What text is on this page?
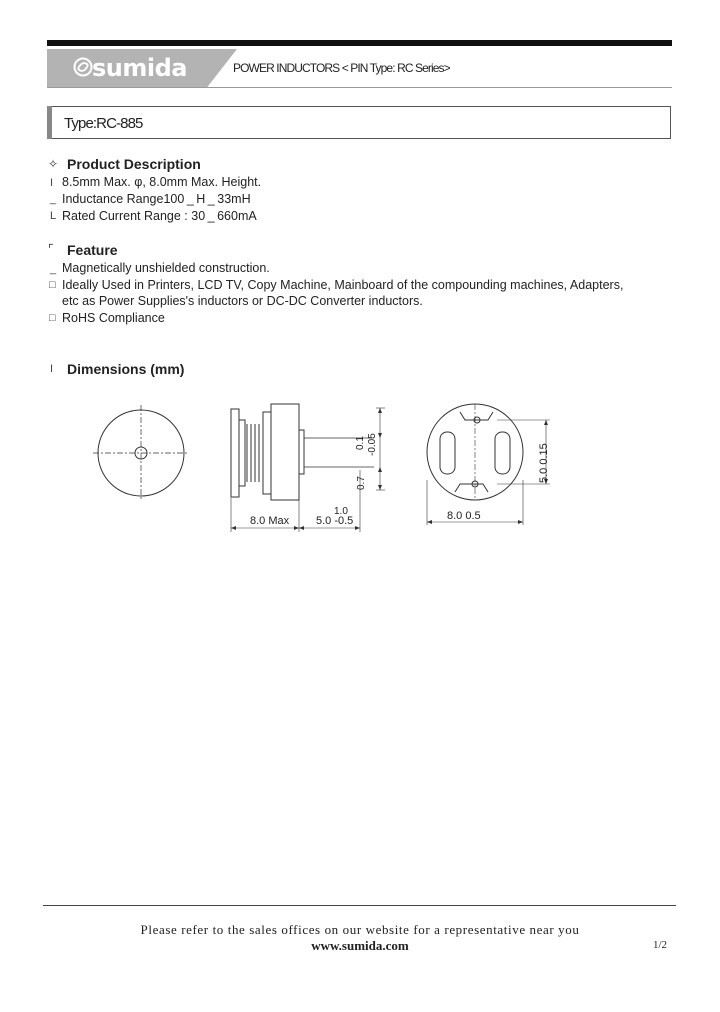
sumida	POWER INDUCTORS < PIN Type: RC Series>
Type:RC-885
✧ Product Description
I 8.5mm Max. φ, 8.0mm Max. Height.
_ Inductance Range100 _ H _ 33mH
L Rated Current Range : 30 _ 660mA
⌜ Feature
_ Magnetically unshielded construction.
□ Ideally Used in Printers, LCD TV, Copy Machine, Mainboard of the compounding machines, Adapters,
etc as Power Supplies's inductors or DC-DC Converter inductors.
□ RoHS Compliance
I Dimensions (mm)
8.0 Max
1.0
5.0 -0.5
0.7
0.1 -0.05
8.0 0.5
5.0 0.15
Please refer to the sales offices on our website for a representative near you
www.sumida.com	1/2
